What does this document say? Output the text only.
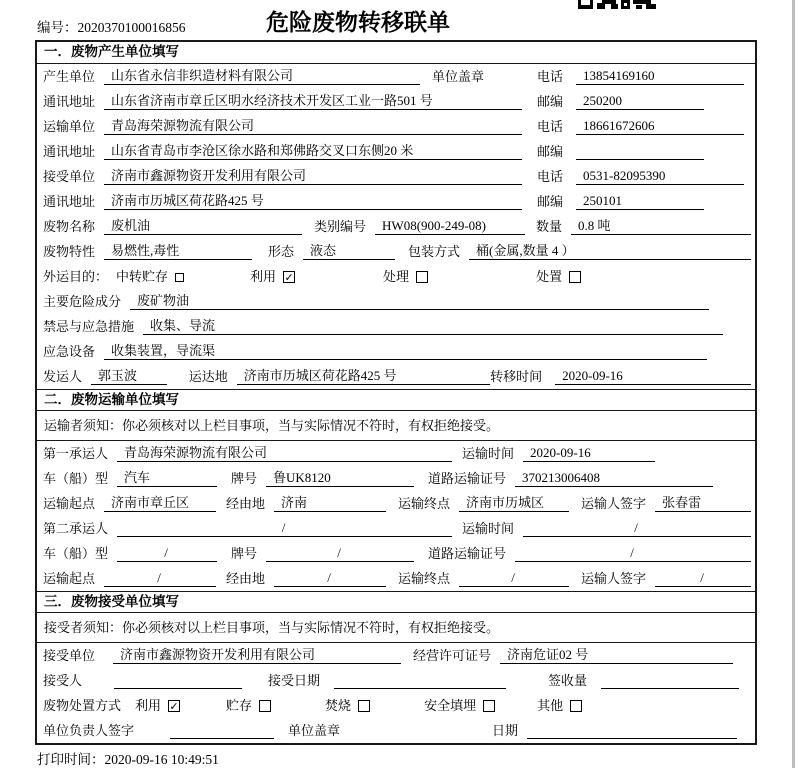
编号：2020370100016856	危险废物转移联单
一．废物产生单位填写
产生单位	山东省永信非织造材料有限公司	单位盖章	电话	13854169160
通讯地址	山东省济南市章丘区明水经济技术开发区工业一路501 号	邮编	250200
运输单位	青岛海荣源物流有限公司	电话	18661672606
通讯地址	山东省青岛市李沧区徐水路和郑佛路交叉口东侧20 米	邮编
接受单位	济南市鑫源物资开发利用有限公司	电话	0531-82095390
通讯地址	济南市历城区荷花路425 号	邮编	250101
废物名称	废机油	类别编号	HW08(900-249-08)	数量	0.8 吨
废物特性	易燃性,毒性	形态	液态	包装方式	桶(金属,数量 4 ）
外运目的： 中转贮存	利用 ✓	处理	处置
主要危险成分	废矿物油
禁忌与应急措施	收集、导流
应急设备	收集装置，导流渠
发运人	郭玉波	运达地	济南市历城区荷花路425 号	转移时间	2020-09-16
二．废物运输单位填写
运输者须知：你必须核对以上栏目事项，当与实际情况不符时，有权拒绝接受。
第一承运人	青岛海荣源物流有限公司	运输时间	2020-09-16
车（船）型	汽车	牌号	鲁UK8120	道路运输证号	370213006408
运输起点	济南市章丘区	经由地	济南	运输终点	济南市历城区	运输人签字	张春雷
第二承运人	/	运输时间	/
车（船）型	/	牌号	/	道路运输证号	/
运输起点	/	经由地	/	运输终点	/	运输人签字	/
三．废物接受单位填写
接受者须知：你必须核对以上栏目事项，当与实际情况不符时，有权拒绝接受。
接受单位	济南市鑫源物资开发利用有限公司	经营许可证号	济南危证02 号
接受人	接受日期	签收量
废物处置方式 利用 ✓	贮存	焚烧	安全填埋	其他
单位负责人签字	单位盖章	日期
打印时间：2020-09-16 10:49:51
